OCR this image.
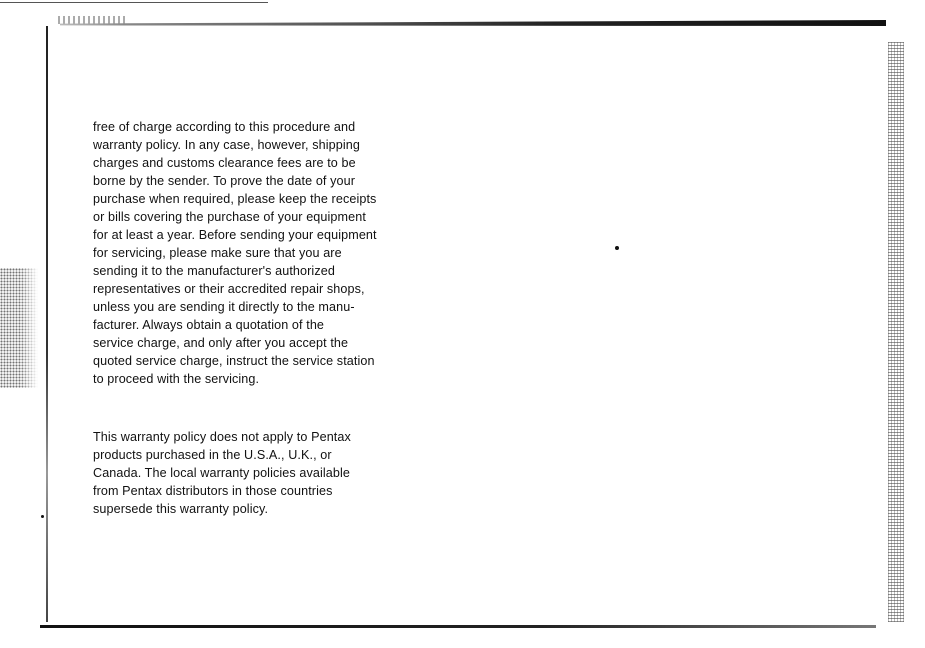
free of charge according to this procedure and
warranty policy. In any case, however, shipping
charges and customs clearance fees are to be
borne by the sender. To prove the date of your
purchase when required, please keep the receipts
or bills covering the purchase of your equipment
for at least a year. Before sending your equipment
for servicing, please make sure that you are
sending it to the manufacturer's authorized
representatives or their accredited repair shops,
unless you are sending it directly to the manu-
facturer. Always obtain a quotation of the
service charge, and only after you accept the
quoted service charge, instruct the service station
to proceed with the servicing.
This warranty policy does not apply to Pentax
products purchased in the U.S.A., U.K., or
Canada. The local warranty policies available
from Pentax distributors in those countries
supersede this warranty policy.
